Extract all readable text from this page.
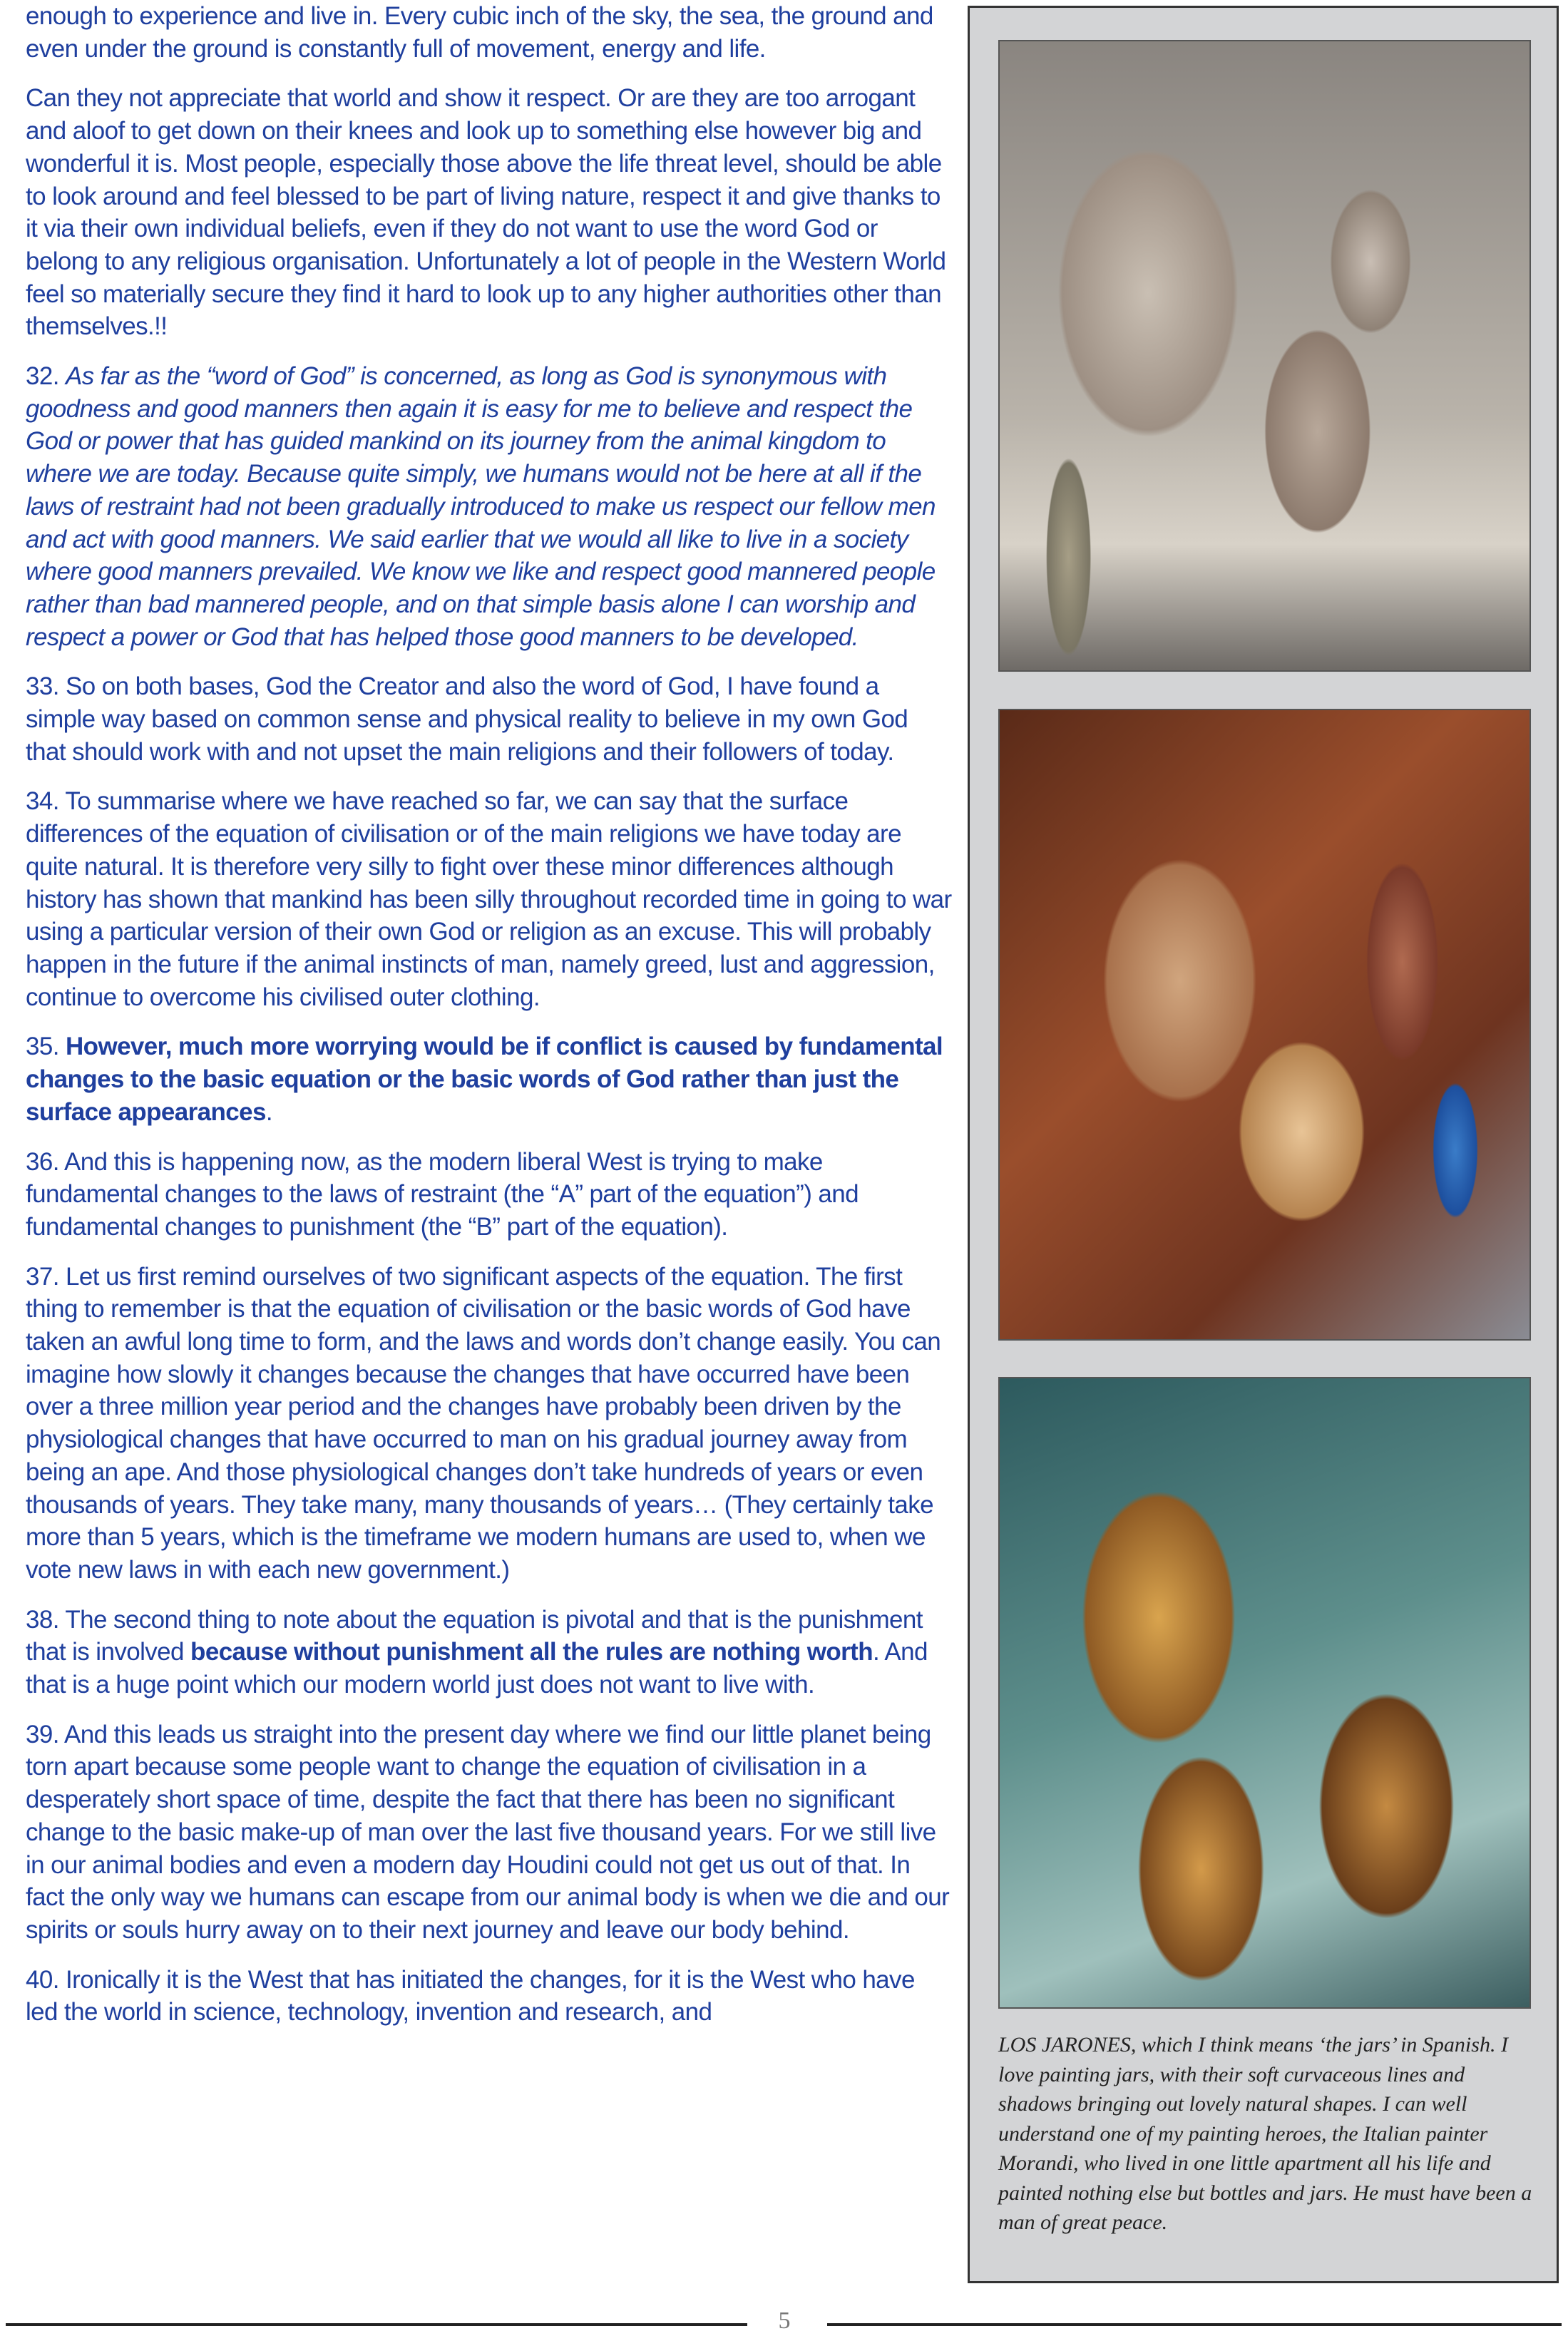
enough to experience and live in. Every cubic inch of the sky, the sea, the ground and even under the ground is constantly full of movement, energy and life.

Can they not appreciate that world and show it respect. Or are they are too arrogant and aloof to get down on their knees and look up to something else however big and wonderful it is. Most people, especially those above the life threat level, should be able to look around and feel blessed to be part of living nature, respect it and give thanks to it via their own individual beliefs, even if they do not want to use the word God or belong to any religious organisation. Unfortunately a lot of people in the Western World feel so materially secure they find it hard to look up to any higher authorities other than themselves.!!

32. As far as the “word of God” is concerned, as long as God is synonymous with goodness and good manners then again it is easy for me to believe and respect the God or power that has guided mankind on its journey from the animal kingdom to where we are today. Because quite simply, we humans would not be here at all if the laws of restraint had not been gradually introduced to make us respect our fellow men and act with good manners. We said earlier that we would all like to live in a society where good manners prevailed. We know we like and respect good mannered people rather than bad mannered people, and on that simple basis alone I can worship and respect a power or God that has helped those good manners to be developed.

33. So on both bases, God the Creator and also the word of God, I have found a simple way based on common sense and physical reality to believe in my own God that should work with and not upset the main religions and their followers of today.

34. To summarise where we have reached so far, we can say that the surface differences of the equation of civilisation or of the main religions we have today are quite natural. It is therefore very silly to fight over these minor differences although history has shown that mankind has been silly throughout recorded time in going to war using a particular version of their own God or religion as an excuse. This will probably happen in the future if the animal instincts of man, namely greed, lust and aggression, continue to overcome his civilised outer clothing.

35. However, much more worrying would be if conflict is caused by fundamental changes to the basic equation or the basic words of God rather than just the surface appearances.

36. And this is happening now, as the modern liberal West is trying to make fundamental changes to the laws of restraint (the “A” part of the equation”) and fundamental changes to punishment (the “B” part of the equation).

37. Let us first remind ourselves of two significant aspects of the equation. The first thing to remember is that the equation of civilisation or the basic words of God have taken an awful long time to form, and the laws and words don’t change easily. You can imagine how slowly it changes because the changes that have occurred have been over a three million year period and the changes have probably been driven by the physiological changes that have occurred to man on his gradual journey away from being an ape. And those physiological changes don’t take hundreds of years or even thousands of years. They take many, many thousands of years… (They certainly take more than 5 years, which is the timeframe we modern humans are used to, when we vote new laws in with each new government.)

38. The second thing to note about the equation is pivotal and that is the punishment that is involved because without punishment all the rules are nothing worth. And that is a huge point which our modern world just does not want to live with.

39. And this leads us straight into the present day where we find our little planet being torn apart because some people want to change the equation of civilisation in a desperately short space of time, despite the fact that there has been no significant change to the basic make-up of man over the last five thousand years. For we still live in our animal bodies and even a modern day Houdini could not get us out of that. In fact the only way we humans can escape from our animal body is when we die and our spirits or souls hurry away on to their next journey and leave our body behind.

40. Ironically it is the West that has initiated the changes, for it is the West who have led the world in science, technology, invention and research, and

LOS JARONES, which I think means ‘the jars’ in Spanish. I love painting jars, with their soft curvaceous lines and shadows bringing out lovely natural shapes. I can well understand one of my painting heroes, the Italian painter Morandi, who lived in one little apartment all his life and painted nothing else but bottles and jars. He must have been a man of great peace.
5
